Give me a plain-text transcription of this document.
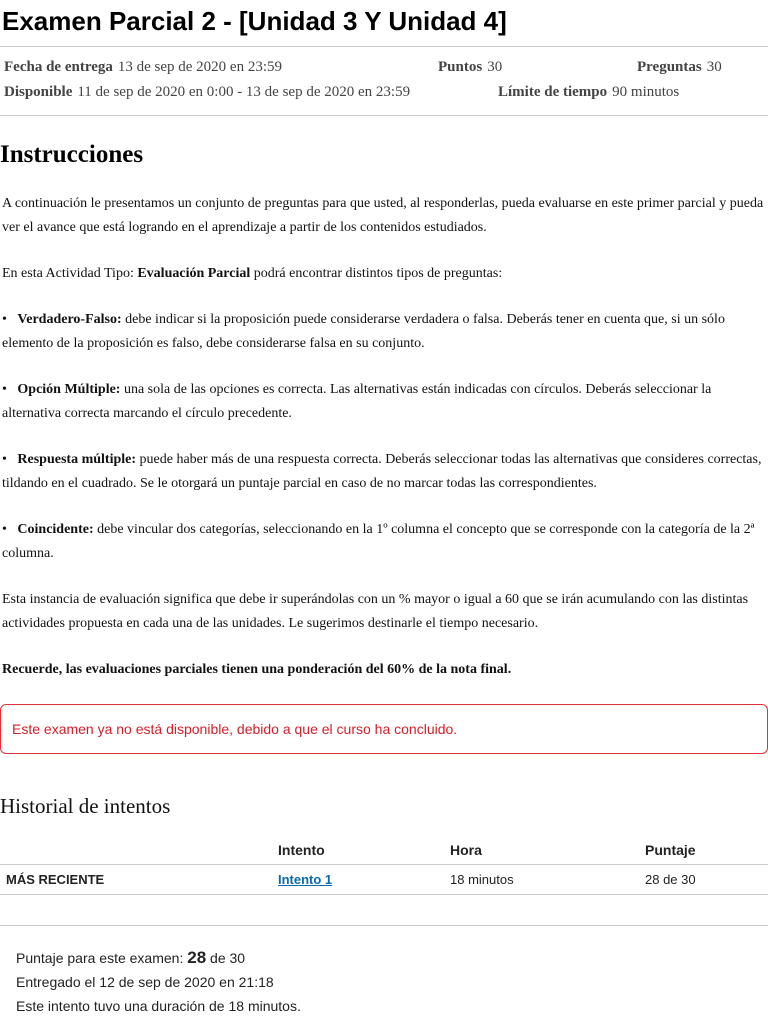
Examen Parcial 2 - [Unidad 3 Y Unidad 4]
Fecha de entrega 13 de sep de 2020 en 23:59	Puntos 30	Preguntas 30
Disponible 11 de sep de 2020 en 0:00 - 13 de sep de 2020 en 23:59	Límite de tiempo 90 minutos
Instrucciones

A continuación le presentamos un conjunto de preguntas para que usted, al responderlas, pueda evaluarse en este primer parcial y pueda ver el avance que está logrando en el aprendizaje a partir de los contenidos estudiados.

En esta Actividad Tipo: Evaluación Parcial podrá encontrar distintos tipos de preguntas:

• Verdadero-Falso: debe indicar si la proposición puede considerarse verdadera o falsa. Deberás tener en cuenta que, si un sólo elemento de la proposición es falso, debe considerarse falsa en su conjunto.

• Opción Múltiple: una sola de las opciones es correcta. Las alternativas están indicadas con círculos. Deberás seleccionar la alternativa correcta marcando el círculo precedente.

• Respuesta múltiple: puede haber más de una respuesta correcta. Deberás seleccionar todas las alternativas que consideres correctas, tildando en el cuadrado. Se le otorgará un puntaje parcial en caso de no marcar todas las correspondientes.

• Coincidente: debe vincular dos categorías, seleccionando en la 1º columna el concepto que se corresponde con la categoría de la 2ª columna.

Esta instancia de evaluación significa que debe ir superándolas con un % mayor o igual a 60 que se irán acumulando con las distintas actividades propuesta en cada una de las unidades. Le sugerimos destinarle el tiempo necesario.

Recuerde, las evaluaciones parciales tienen una ponderación del 60% de la nota final.

Este examen ya no está disponible, debido a que el curso ha concluido.
Historial de intentos
	Intento	Hora	Puntaje
MÁS RECIENTE	Intento 1	18 minutos	28 de 30
Puntaje para este examen: 28 de 30
Entregado el 12 de sep de 2020 en 21:18
Este intento tuvo una duración de 18 minutos.
